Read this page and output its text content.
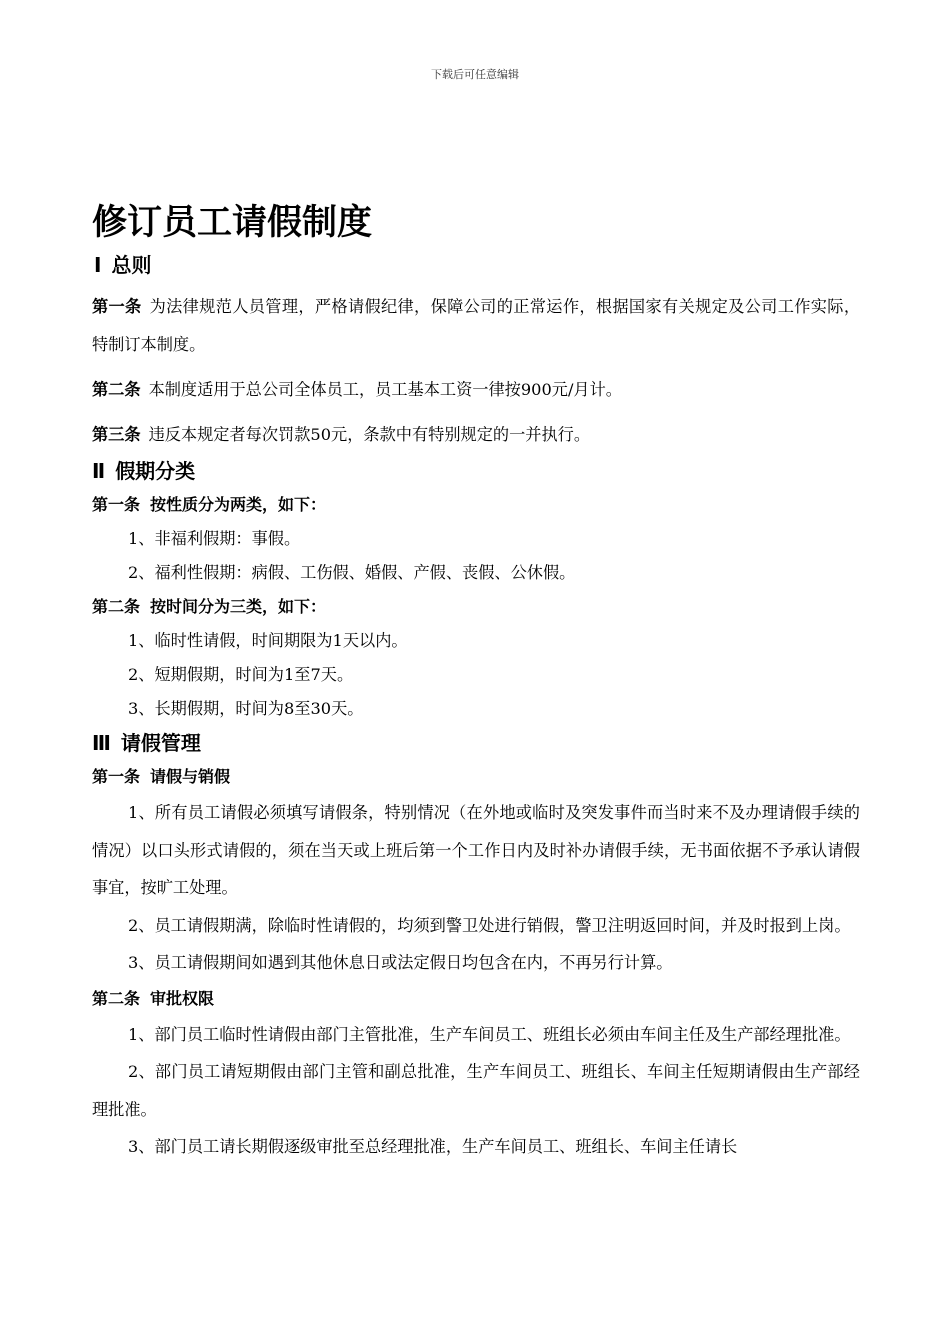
下载后可任意编辑
修订员工请假制度
Ⅰ 总则

第一条 为法律规范人员管理，严格请假纪律，保障公司的正常运作，根据国家有关规定及公司工作实际，特制订本制度。

第二条 本制度适用于总公司全体员工，员工基本工资一律按900元/月计。

第三条 违反本规定者每次罚款50元，条款中有特别规定的一并执行。

Ⅱ 假期分类
第一条 按性质分为两类，如下：

1、非福利假期：事假。

2、福利性假期：病假、工伤假、婚假、产假、丧假、公休假。

第二条 按时间分为三类，如下：

1、临时性请假，时间期限为1天以内。

2、短期假期，时间为1至7天。

3、长期假期，时间为8至30天。

Ⅲ 请假管理
第一条 请假与销假

1、所有员工请假必须填写请假条，特别情况（在外地或临时及突发事件而当时来不及办理请假手续的情况）以口头形式请假的，须在当天或上班后第一个工作日内及时补办请假手续，无书面依据不予承认请假事宜，按旷工处理。

2、员工请假期满，除临时性请假的，均须到警卫处进行销假，警卫注明返回时间，并及时报到上岗。

3、员工请假期间如遇到其他休息日或法定假日均包含在内，不再另行计算。

第二条 审批权限

1、部门员工临时性请假由部门主管批准，生产车间员工、班组长必须由车间主任及生产部经理批准。

2、部门员工请短期假由部门主管和副总批准，生产车间员工、班组长、车间主任短期请假由生产部经理批准。

3、部门员工请长期假逐级审批至总经理批准，生产车间员工、班组长、车间主任请长
